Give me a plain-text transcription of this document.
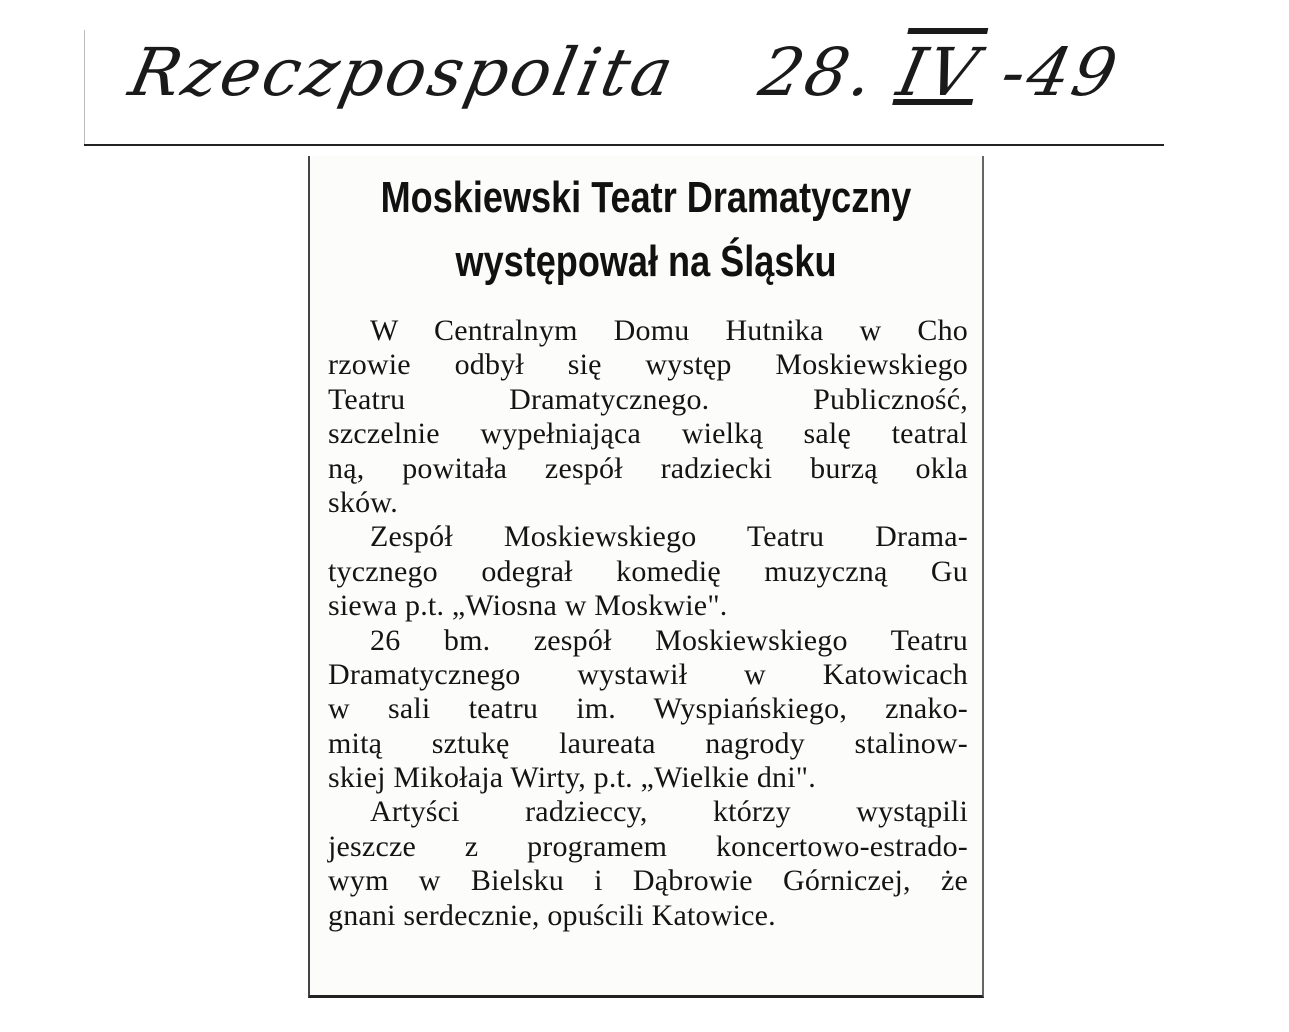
Rzeczpospolita 28. IV -49
Moskiewski Teatr Dramatyczny
występował na Śląsku
W Centralnym Domu Hutnika w Cho
rzowie odbył się występ Moskiewskiego
Teatru Dramatycznego. Publiczność,
szczelnie wypełniająca wielką salę teatral
ną, powitała zespół radziecki burzą okla
sków.
Zespół Moskiewskiego Teatru Drama-
tycznego odegrał komedię muzyczną Gu
siewa p.t. „Wiosna w Moskwie".
26 bm. zespół Moskiewskiego Teatru
Dramatycznego wystawił w Katowicach
w sali teatru im. Wyspiańskiego, znako-
mitą sztukę laureata nagrody stalinow-
skiej Mikołaja Wirty, p.t. „Wielkie dni".
Artyści radzieccy, którzy wystąpili
jeszcze z programem koncertowo-estrado-
wym w Bielsku i Dąbrowie Górniczej, że
gnani serdecznie, opuścili Katowice.
